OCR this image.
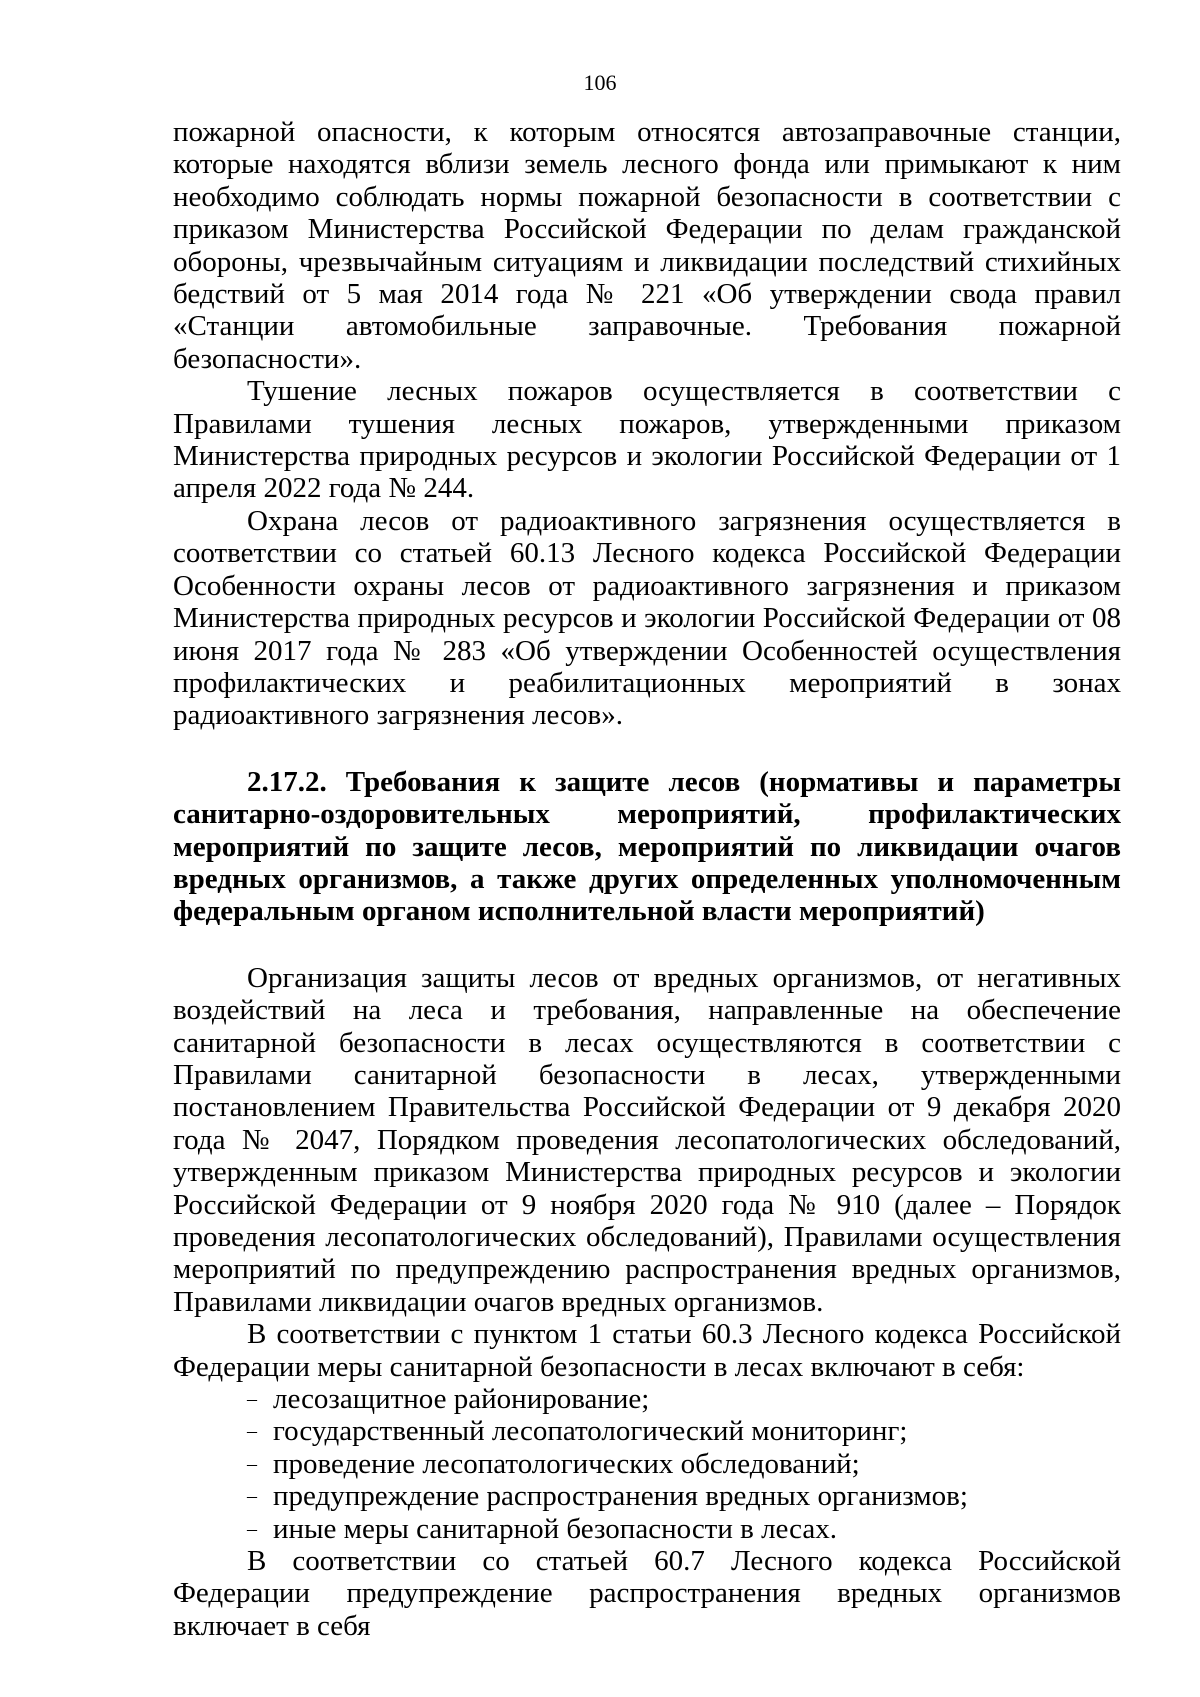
106

пожарной опасности, к которым относятся автозаправочные станции, которые находятся вблизи земель лесного фонда или примыкают к ним необходимо соблюдать нормы пожарной безопасности в соответствии с приказом Министерства Российской Федерации по делам гражданской обороны, чрезвычайным ситуациям и ликвидации последствий стихийных бедствий от 5 мая 2014 года № 221 «Об утверждении свода правил «Станции автомобильные заправочные. Требования пожарной безопасности».

Тушение лесных пожаров осуществляется в соответствии с Правилами тушения лесных пожаров, утвержденными приказом Министерства природных ресурсов и экологии Российской Федерации от 1 апреля 2022 года № 244.

Охрана лесов от радиоактивного загрязнения осуществляется в соответствии со статьей 60.13 Лесного кодекса Российской Федерации Особенности охраны лесов от радиоактивного загрязнения и приказом Министерства природных ресурсов и экологии Российской Федерации от 08 июня 2017 года № 283 «Об утверждении Особенностей осуществления профилактических и реабилитационных мероприятий в зонах радиоактивного загрязнения лесов».

2.17.2. Требования к защите лесов (нормативы и параметры санитарно-оздоровительных мероприятий, профилактических мероприятий по защите лесов, мероприятий по ликвидации очагов вредных организмов, а также других определенных уполномоченным федеральным органом исполнительной власти мероприятий)

Организация защиты лесов от вредных организмов, от негативных воздействий на леса и требования, направленные на обеспечение санитарной безопасности в лесах осуществляются в соответствии с Правилами санитарной безопасности в лесах, утвержденными постановлением Правительства Российской Федерации от 9 декабря 2020 года № 2047, Порядком проведения лесопатологических обследований, утвержденным приказом Министерства природных ресурсов и экологии Российской Федерации от 9 ноября 2020 года № 910 (далее – Порядок проведения лесопатологических обследований), Правилами осуществления мероприятий по предупреждению распространения вредных организмов, Правилами ликвидации очагов вредных организмов.

В соответствии с пунктом 1 статьи 60.3 Лесного кодекса Российской Федерации меры санитарной безопасности в лесах включают в себя:

– лесозащитное районирование;
– государственный лесопатологический мониторинг;
– проведение лесопатологических обследований;
– предупреждение распространения вредных организмов;
– иные меры санитарной безопасности в лесах.

В соответствии со статьей 60.7 Лесного кодекса Российской Федерации предупреждение распространения вредных организмов включает в себя
